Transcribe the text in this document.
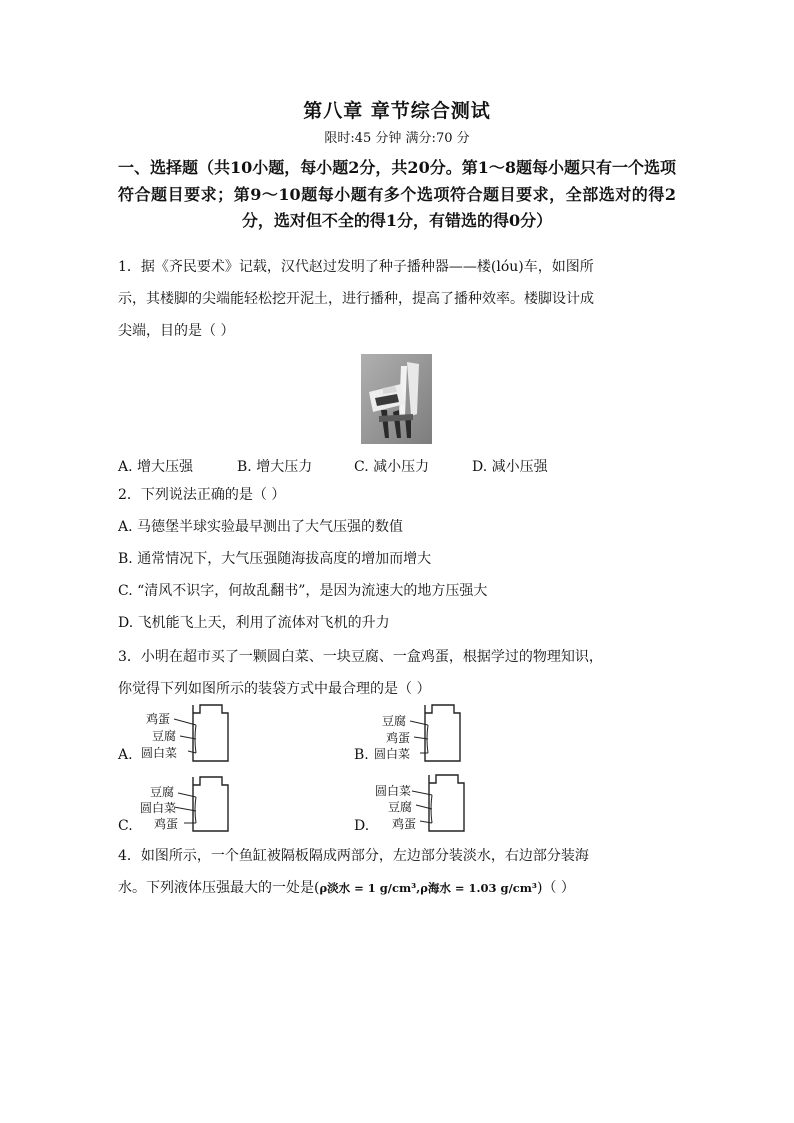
第八章 章节综合测试
限时:45 分钟 满分:70 分
一、选择题（共10小题，每小题2分，共20分。第1～8题每小题只有一个选项符合题目要求；第9～10题每小题有多个选项符合题目要求，全部选对的得2分，选对但不全的得1分，有错选的得0分）
1．据《齐民要术》记载，汉代赵过发明了种子播种器——楼(lóu)车，如图所
示，其楼脚的尖端能轻松挖开泥土，进行播种，提高了播种效率。楼脚设计成
尖端，目的是（ ）
A. 增大压强	B. 增大压力	C. 减小压力	D. 减小压强
2．下列说法正确的是（ ）
A. 马德堡半球实验最早测出了大气压强的数值
B. 通常情况下，大气压强随海拔高度的增加而增大
C. “清风不识字，何故乱翻书”，是因为流速大的地方压强大
D. 飞机能飞上天，利用了流体对飞机的升力
3．小明在超市买了一颗圆白菜、一块豆腐、一盒鸡蛋，根据学过的物理知识，
你觉得下列如图所示的装袋方式中最合理的是（ ）
A.
鸡蛋
豆腐
圆白菜	B.
豆腐
鸡蛋
圆白菜
C.
豆腐
圆白菜
鸡蛋	D.
圆白菜
豆腐
鸡蛋
4．如图所示，一个鱼缸被隔板隔成两部分，左边部分装淡水，右边部分装海
水。下列液体压强最大的一处是(ρ淡水 = 1 g/cm³,ρ海水 = 1.03 g/cm³)（ ）
